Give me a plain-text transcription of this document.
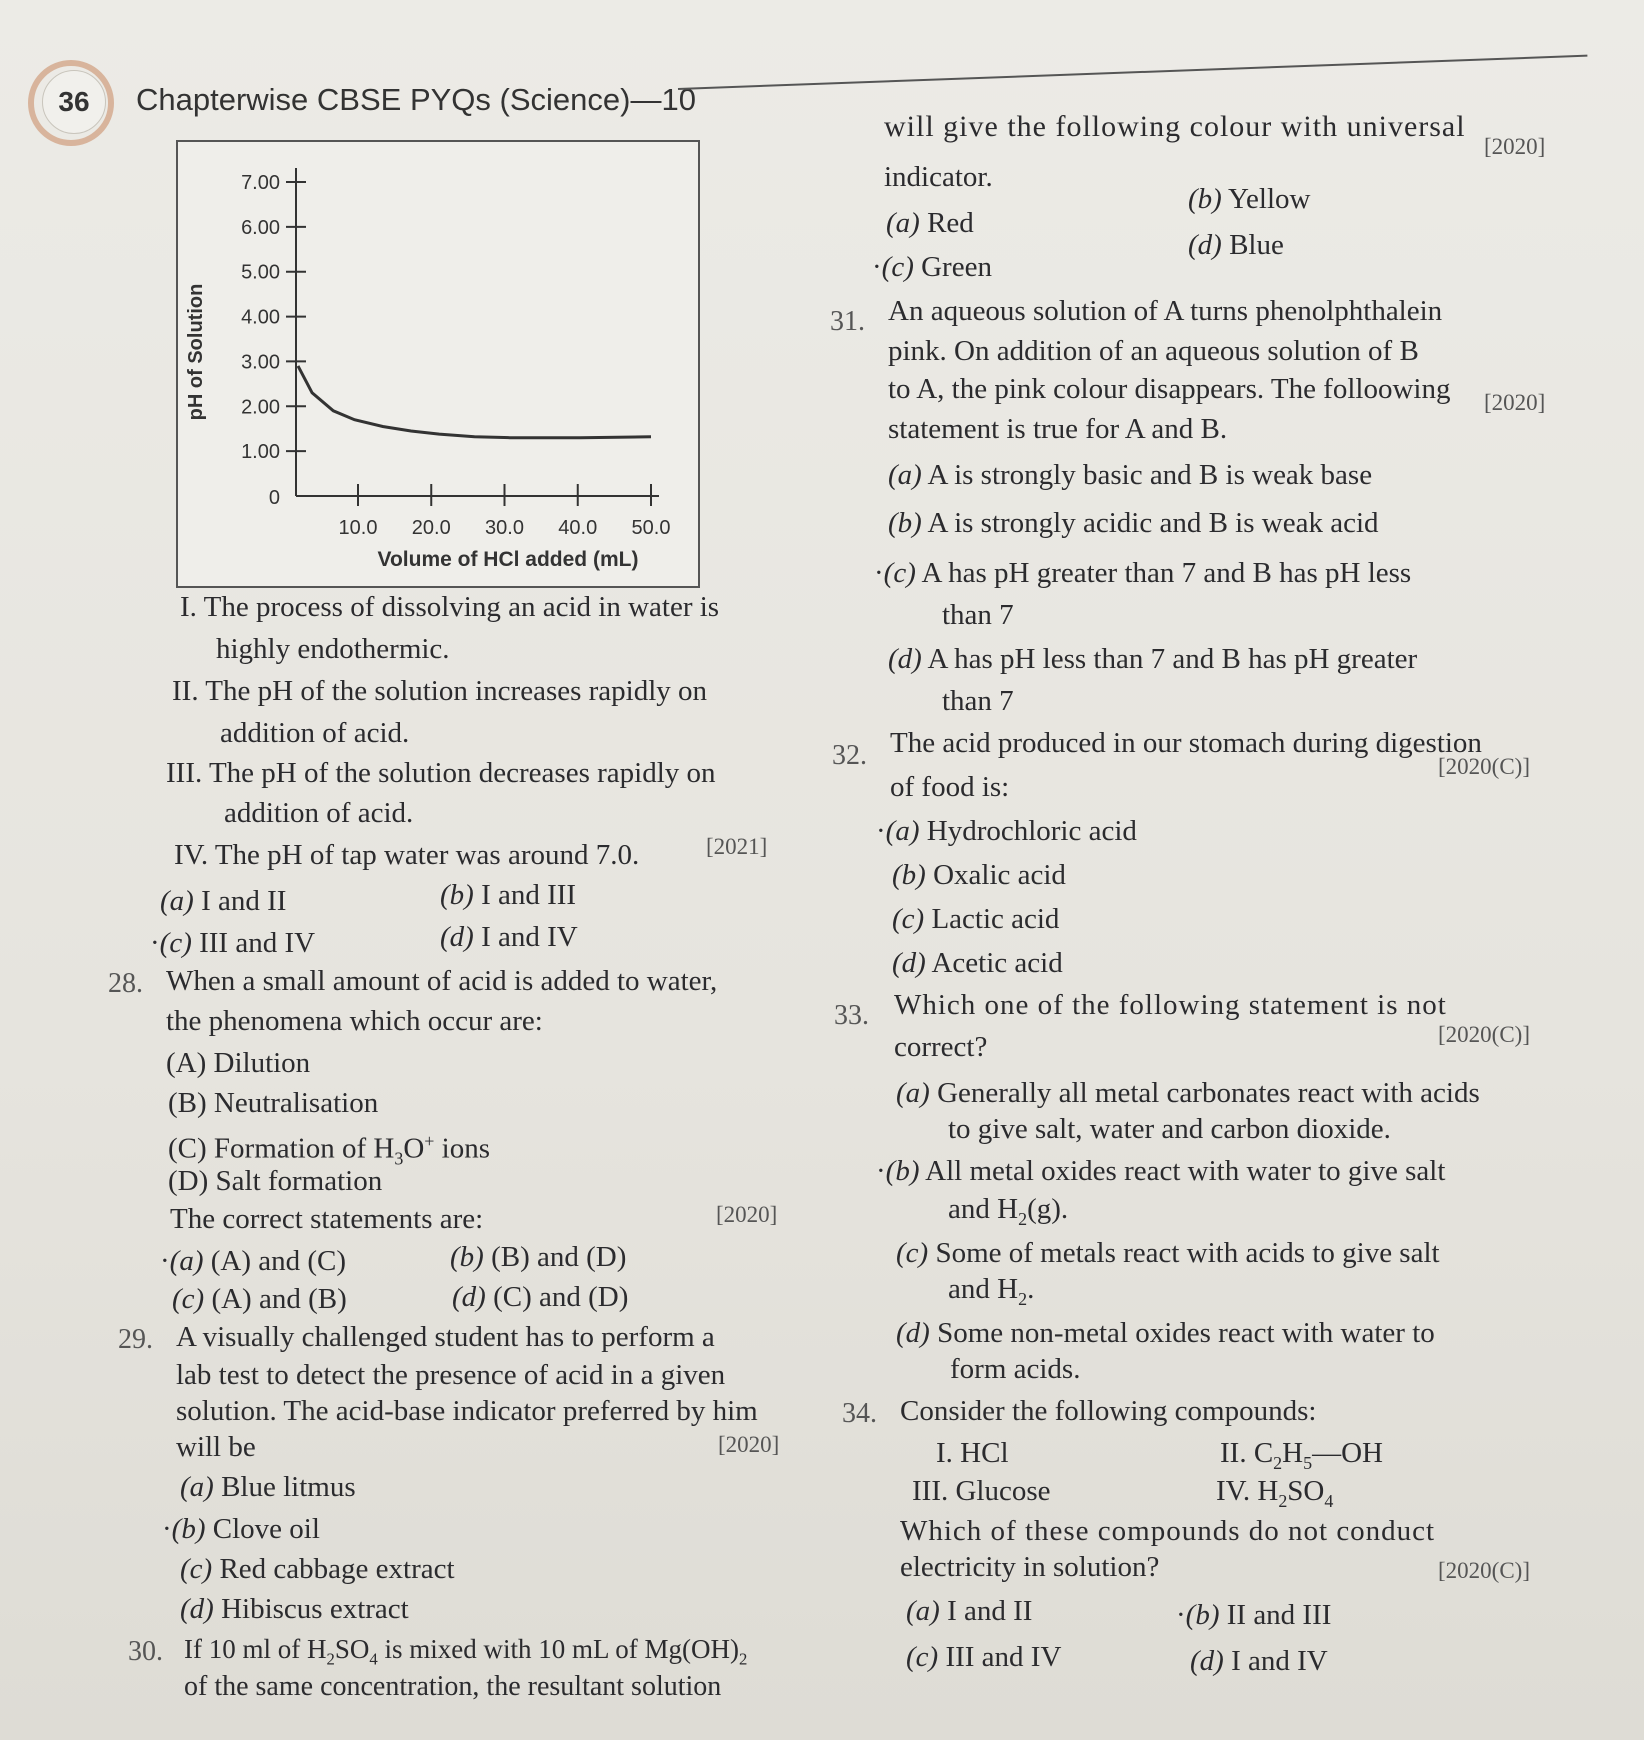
36	Chapterwise CBSE PYQs (Science)—10
0
1.00
2.00
3.00
4.00
5.00
6.00
7.00
10.0 20.0 30.0 40.0 50.0
pH of Solution
Volume of HCl added (mL)
I. The process of dissolving an acid in water is
highly endothermic.
II. The pH of the solution increases rapidly on
addition of acid.
III. The pH of the solution decreases rapidly on
addition of acid.
IV. The pH of tap water was around 7.0.	[2021]
(a) I and II	(b) I and III
·(c) III and IV	(d) I and IV
28. When a small amount of acid is added to water,
the phenomena which occur are:
(A) Dilution
(B) Neutralisation
(C) Formation of $H_3O^+$ ions
(D) Salt formation
The correct statements are:	[2020]
·(a) (A) and (C)	(b) (B) and (D)
(c) (A) and (B)	(d) (C) and (D)
29. A visually challenged student has to perform a
lab test to detect the presence of acid in a given
solution. The acid-base indicator preferred by him
will be	[2020]
(a) Blue litmus
·(b) Clove oil
(c) Red cabbage extract
(d) Hibiscus extract
30. If 10 ml of $H_2SO_4$ is mixed with 10 mL of $Mg(OH)_2$
of the same concentration, the resultant solution
will give the following colour with universal
indicator.
[2020]
(a) Red
(b) Yellow
·(c) Green
(d) Blue
31. An aqueous solution of A turns phenolphthalein
pink. On addition of an aqueous solution of B
to A, the pink colour disappears. The folloowing
statement is true for A and B.
[2020]
(a) A is strongly basic and B is weak base
(b) A is strongly acidic and B is weak acid
·(c) A has pH greater than 7 and B has pH less
than 7
(d) A has pH less than 7 and B has pH greater
than 7
32. The acid produced in our stomach during digestion
of food is:
[2020(C)]
·(a) Hydrochloric acid
(b) Oxalic acid
(c) Lactic acid
(d) Acetic acid
33. Which one of the following statement is not
correct?	[2020(C)]
(a) Generally all metal carbonates react with acids
to give salt, water and carbon dioxide.
·(b) All metal oxides react with water to give salt
and $H_2(g)$.
(c) Some of metals react with acids to give salt
and $H_2$.
(d) Some non-metal oxides react with water to
form acids.
34. Consider the following compounds:
I. HCl	II. $C_2H_5—OH$
III. Glucose	IV. $H_2SO_4$
Which of these compounds do not conduct
electricity in solution?	[2020(C)]
(a) I and II	·(b) II and III
(c) III and IV	(d) I and IV
